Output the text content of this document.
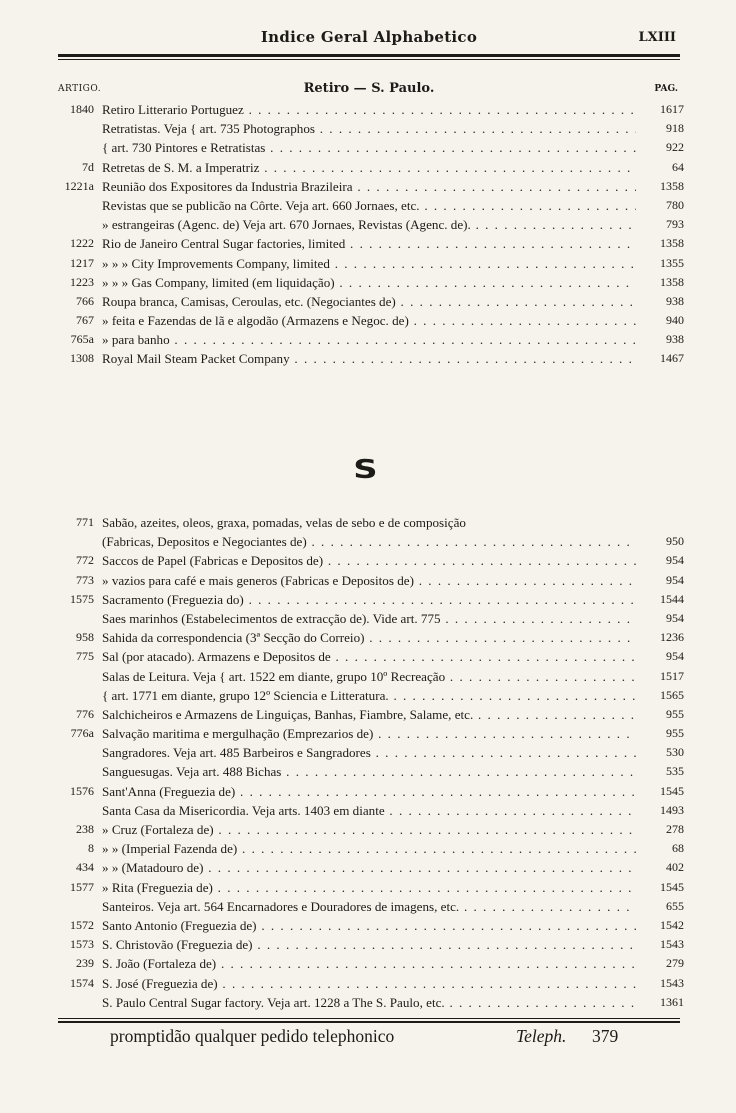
Indice Geral Alphabetico	LXIII
ARTIGO.	Retiro — S. Paulo.	PAG.
1840 Retiro Litterario Portuguez . . .	1617
Retratistas. Veja { art. 735 Photographos . . .	918
{ art. 730 Pintores e Retratistas . . .	922
7d Retretas de S. M. a Imperatriz . . .	64
1221a Reunião dos Expositores da Industria Brazileira . . .	1358
Revistas que se publicão na Côrte. Veja art. 660 Jornaes, etc. . . .	780
» estrangeiras (Agenc. de) Veja art. 670 Jornaes, Revistas (Agenc. de). . . .	793
1222 Rio de Janeiro Central Sugar factories, limited . . .	1358
1217 » » » City Improvements Company, limited . . .	1355
1223 » » » Gas Company, limited (em liquidação) . . .	1358
766 Roupa branca, Camisas, Ceroulas, etc. (Negociantes de) . . .	938
767 » feita e Fazendas de lã e algodão (Armazens e Negoc. de) . . .	940
765a » para banho . . .	938
1308 Royal Mail Steam Packet Company . . .	1467
S
771 Sabão, azeites, oleos, graxa, pomadas, velas de sebo e de composição
(Fabricas, Depositos e Negociantes de) . . .	950
772 Saccos de Papel (Fabricas e Depositos de) . . .	954
773 » vazios para café e mais generos (Fabricas e Depositos de) . . .	954
1575 Sacramento (Freguezia do) . . .	1544
Saes marinhos (Estabelecimentos de extracção de). Vide art. 775 . . .	954
958 Sahida da correspondencia (3ª Secção do Correio) . . .	1236
775 Sal (por atacado). Armazens e Depositos de . . .	954
Salas de Leitura. Veja { art. 1522 em diante, grupo 10º Recreação . . .	1517
{ art. 1771 em diante, grupo 12º Sciencia e Litteratura. . . .	1565
776 Salchicheiros e Armazens de Linguiças, Banhas, Fiambre, Salame, etc. . . .	955
776a Salvação maritima e mergulhação (Emprezarios de) . . .	955
Sangradores. Veja art. 485 Barbeiros e Sangradores . . .	530
Sanguesugas. Veja art. 488 Bichas . . .	535
1576 Sant'Anna (Freguezia de) . . .	1545
Santa Casa da Misericordia. Veja arts. 1403 em diante . . .	1493
238 » Cruz (Fortaleza de) . . .	278
8 » » (Imperial Fazenda de) . . .	68
434 » » (Matadouro de) . . .	402
1577 » Rita (Freguezia de) . . .	1545
Santeiros. Veja art. 564 Encarnadores e Douradores de imagens, etc. . . .	655
1572 Santo Antonio (Freguezia de) . . .	1542
1573 S. Christovão (Freguezia de) . . .	1543
239 S. João (Fortaleza de) . . .	279
1574 S. José (Freguezia de) . . .	1543
S. Paulo Central Sugar factory. Veja art. 1228 a The S. Paulo, etc. . . .	1361
promptidão qualquer pedido telephonico	Teleph. 379
